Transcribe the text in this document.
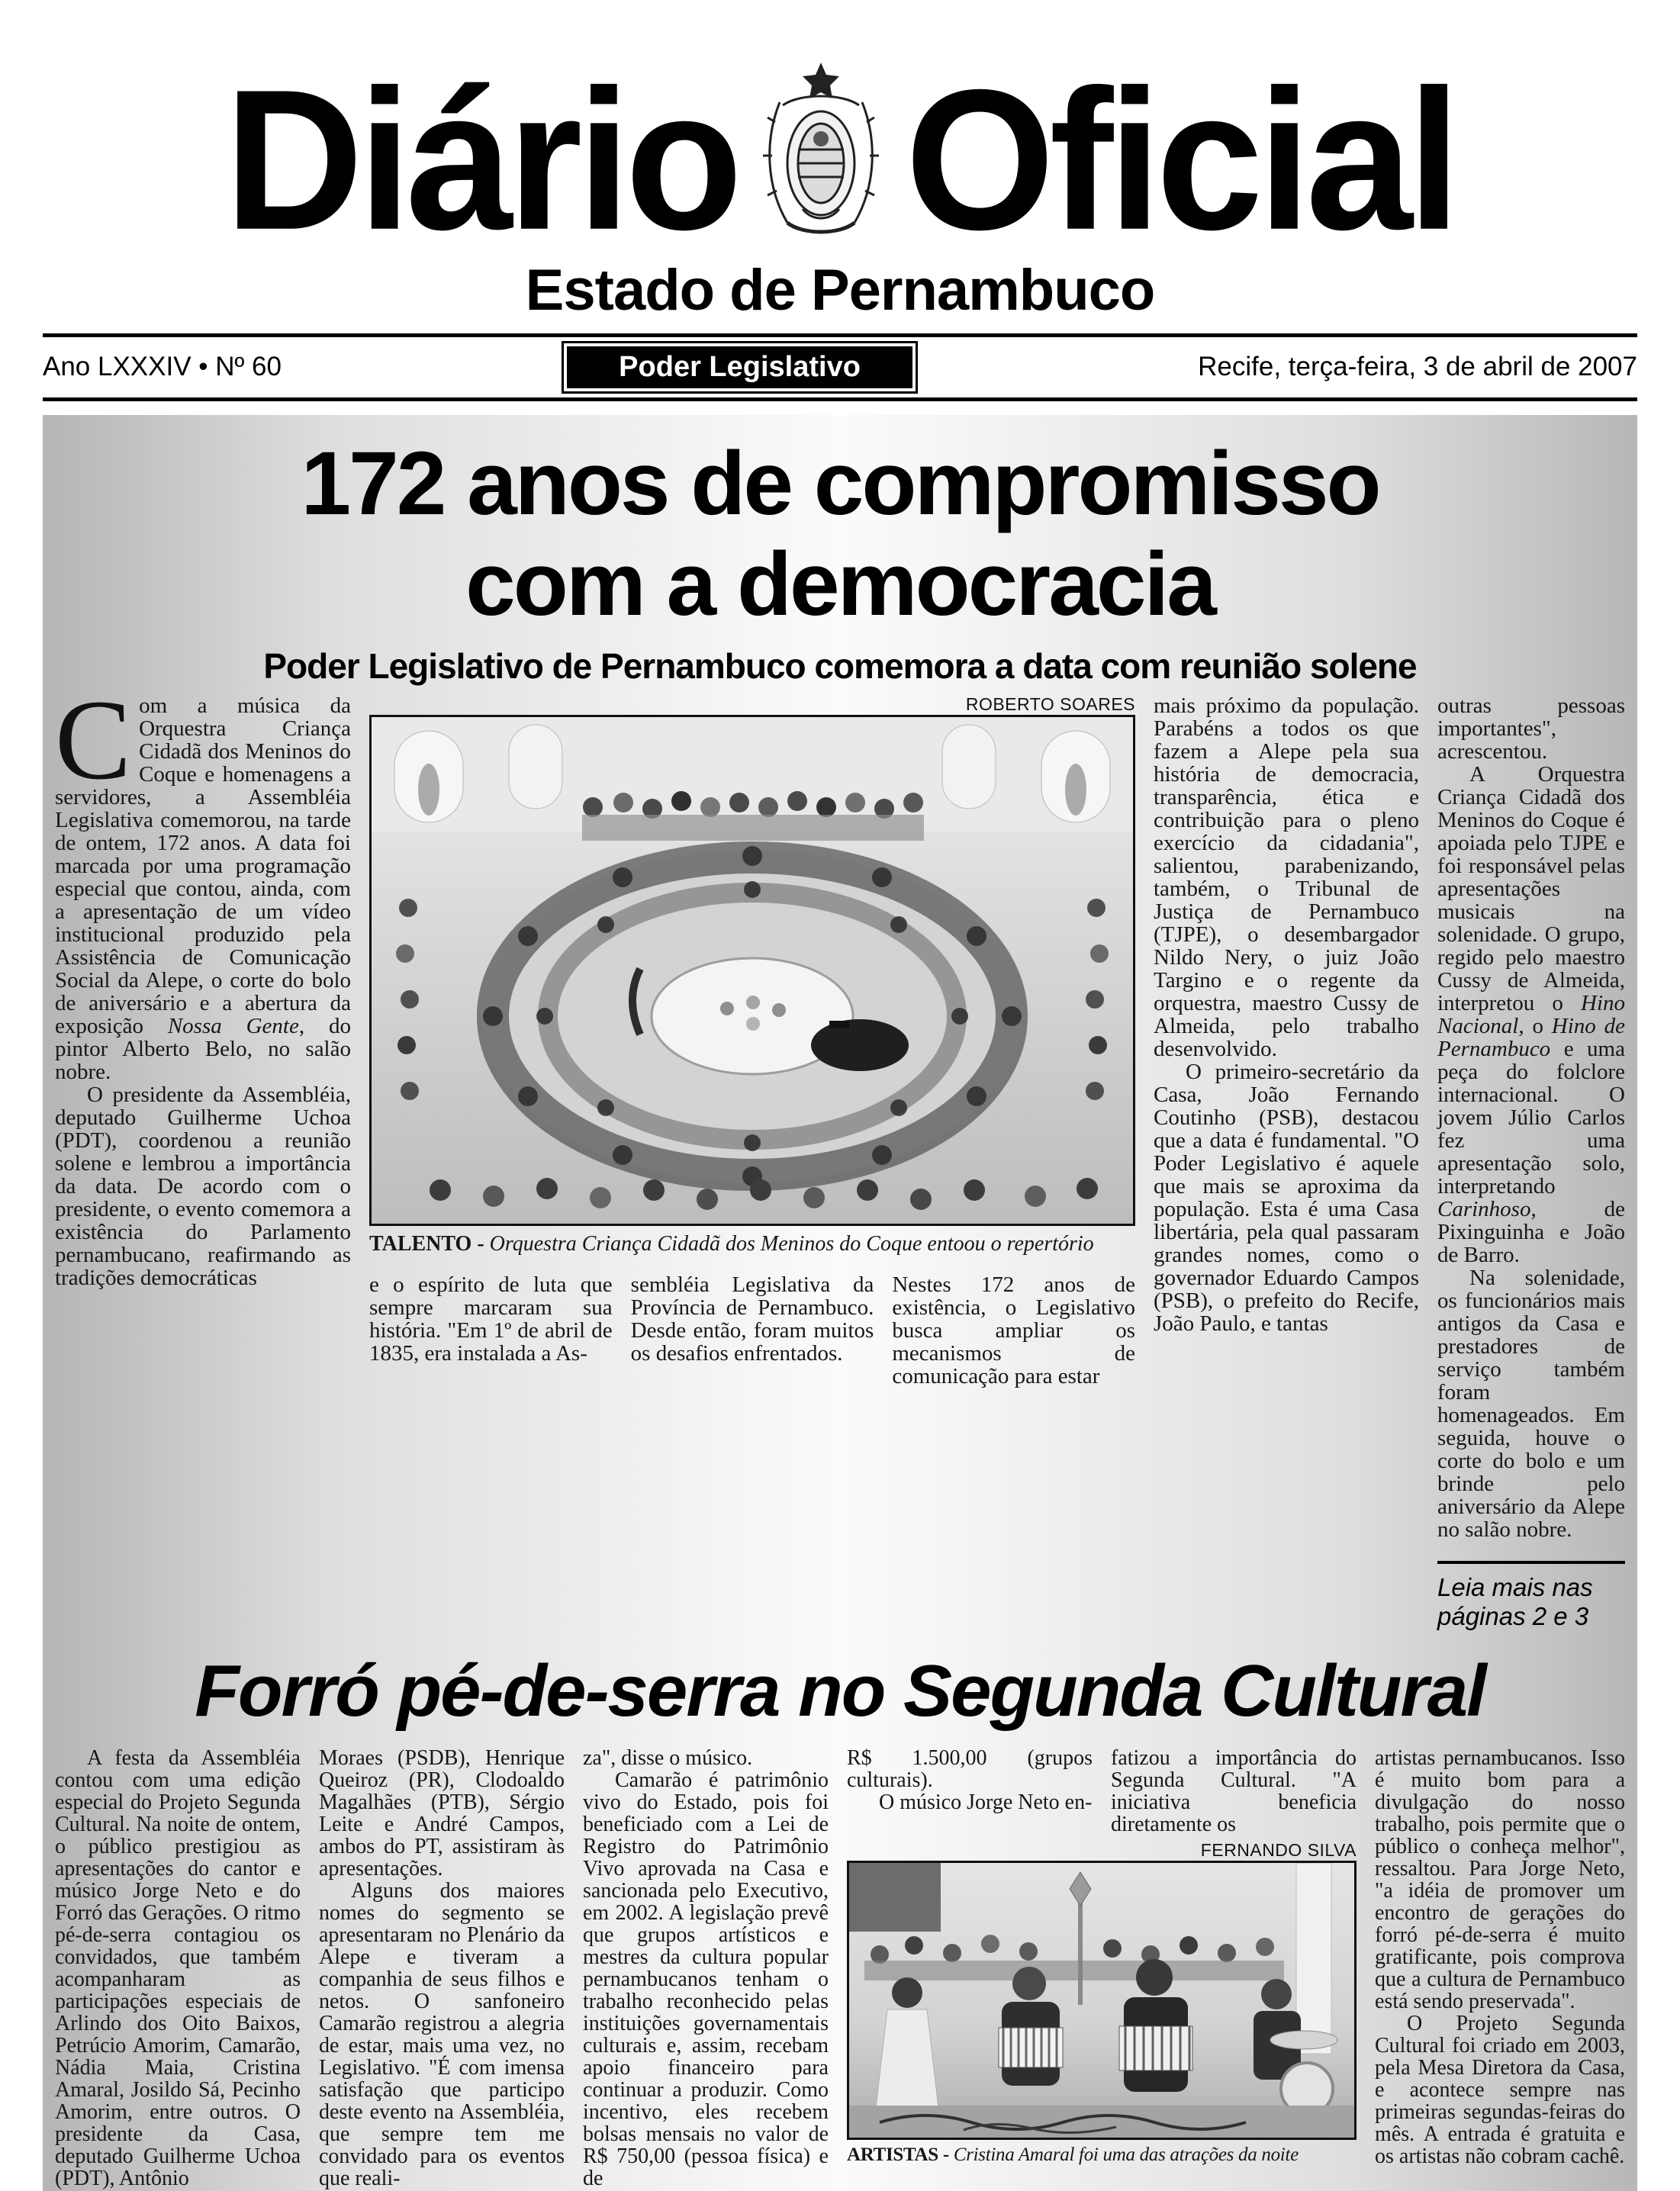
Diário Oficial
Estado de Pernambuco
Ano LXXXIV • Nº 60	Poder Legislativo	Recife, terça-feira, 3 de abril de 2007
172 anos de compromisso
com a democracia
Poder Legislativo de Pernambuco comemora a data com reunião solene

Com a música da Orquestra Criança Cidadã dos Meninos do Coque e homenagens a servidores, a Assembléia Legislativa comemorou, na tarde de ontem, 172 anos. A data foi marcada por uma programação especial que contou, ainda, com a apresentação de um vídeo institucional produzido pela Assistência de Comunicação Social da Alepe, o corte do bolo de aniversário e a abertura da exposição Nossa Gente, do pintor Alberto Belo, no salão nobre.

O presidente da Assembléia, deputado Guilherme Uchoa (PDT), coordenou a reunião solene e lembrou a importância da data. De acordo com o presidente, o evento comemora a existência do Parlamento pernambucano, reafirmando as tradições democráticas

ROBERTO SOARES
TALENTO - Orquestra Criança Cidadã dos Meninos do Coque entoou o repertório

e o espírito de luta que sempre marcaram sua história. "Em 1º de abril de 1835, era instalada a As-

sembléia Legislativa da Província de Pernambuco. Desde então, foram muitos os desafios enfrentados.

Nestes 172 anos de existência, o Legislativo busca ampliar os mecanismos de comunicação para estar

mais próximo da população. Parabéns a todos os que fazem a Alepe pela sua história de democracia, transparência, ética e contribuição para o pleno exercício da cidadania", salientou, parabenizando, também, o Tribunal de Justiça de Pernambuco (TJPE), o desembargador Nildo Nery, o juiz João Targino e o regente da orquestra, maestro Cussy de Almeida, pelo trabalho desenvolvido.

O primeiro-secretário da Casa, João Fernando Coutinho (PSB), destacou que a data é fundamental. "O Poder Legislativo é aquele que mais se aproxima da população. Esta é uma Casa libertária, pela qual passaram grandes nomes, como o governador Eduardo Campos (PSB), o prefeito do Recife, João Paulo, e tantas

outras pessoas importantes", acrescentou.

A Orquestra Criança Cidadã dos Meninos do Coque é apoiada pelo TJPE e foi responsável pelas apresentações musicais na solenidade. O grupo, regido pelo maestro Cussy de Almeida, interpretou o Hino Nacional, o Hino de Pernambuco e uma peça do folclore internacional. O jovem Júlio Carlos fez uma apresentação solo, interpretando Carinhoso, de Pixinguinha e João de Barro.

Na solenidade, os funcionários mais antigos da Casa e prestadores de serviço também foram homenageados. Em seguida, houve o corte do bolo e um brinde pelo aniversário da Alepe no salão nobre.

Leia mais nas páginas 2 e 3
Forró pé-de-serra no Segunda Cultural

A festa da Assembléia contou com uma edição especial do Projeto Segunda Cultural. Na noite de ontem, o público prestigiou as apresentações do cantor e músico Jorge Neto e do Forró das Gerações. O ritmo pé-de-serra contagiou os convidados, que também acompanharam as participações especiais de Arlindo dos Oito Baixos, Petrúcio Amorim, Camarão, Nádia Maia, Cristina Amaral, Josildo Sá, Pecinho Amorim, entre outros. O presidente da Casa, deputado Guilherme Uchoa (PDT), Antônio

Moraes (PSDB), Henrique Queiroz (PR), Clodoaldo Magalhães (PTB), Sérgio Leite e André Campos, ambos do PT, assistiram às apresentações.

Alguns dos maiores nomes do segmento se apresentaram no Plenário da Alepe e tiveram a companhia de seus filhos e netos. O sanfoneiro Camarão registrou a alegria de estar, mais uma vez, no Legislativo. "É com imensa satisfação que participo deste evento na Assembléia, que sempre tem me convidado para os eventos que reali-

za", disse o músico.

Camarão é patrimônio vivo do Estado, pois foi beneficiado com a Lei de Registro do Patrimônio Vivo aprovada na Casa e sancionada pelo Executivo, em 2002. A legislação prevê que grupos artísticos e mestres da cultura popular pernambucanos tenham o trabalho reconhecido pelas instituições governamentais culturais e, assim, recebam apoio financeiro para continuar a produzir. Como incentivo, eles recebem bolsas mensais no valor de R$ 750,00 (pessoa física) e de

R$ 1.500,00 (grupos culturais).

O músico Jorge Neto en-

fatizou a importância do Segunda Cultural. "A iniciativa beneficia diretamente os

FERNANDO SILVA
ARTISTAS - Cristina Amaral foi uma das atrações da noite

artistas pernambucanos. Isso é muito bom para a divulgação do nosso trabalho, pois permite que o público o conheça melhor", ressaltou. Para Jorge Neto, "a idéia de promover um encontro de gerações do forró pé-de-serra é muito gratificante, pois comprova que a cultura de Pernambuco está sendo preservada".

O Projeto Segunda Cultural foi criado em 2003, pela Mesa Diretora da Casa, e acontece sempre nas primeiras segundas-feiras do mês. A entrada é gratuita e os artistas não cobram cachê.
